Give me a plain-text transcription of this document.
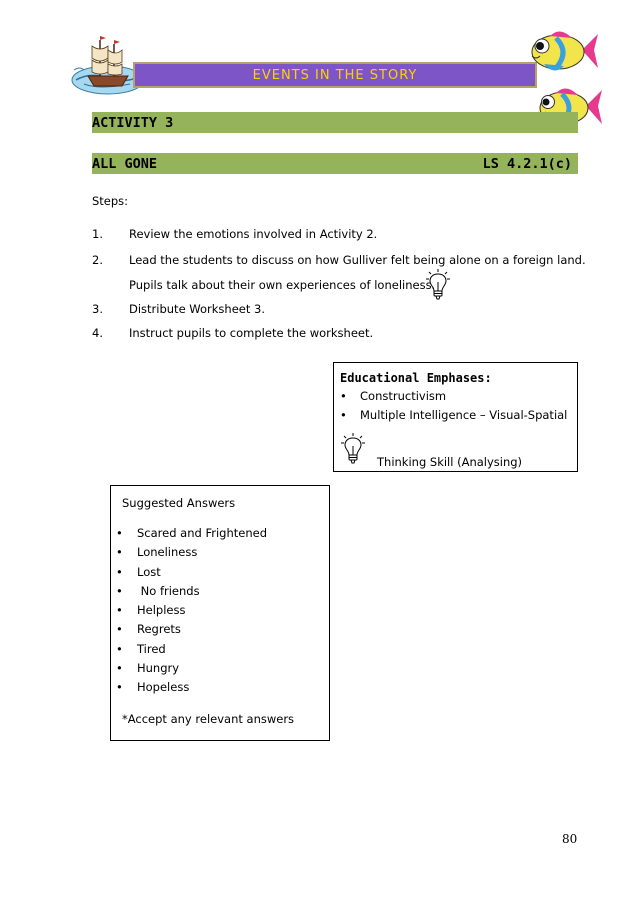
EVENTS IN THE STORY
ACTIVITY 3
ALL GONE	LS 4.2.1(c)
Steps:
1. Review the emotions involved in Activity 2.
2. Lead the students to discuss on how Gulliver felt being alone on a foreign land.
Pupils talk about their own experiences of loneliness.
3. Distribute Worksheet 3.
4. Instruct pupils to complete the worksheet.
Educational Emphases:
• Constructivism
• Multiple Intelligence – Visual-Spatial
Thinking Skill (Analysing)
Suggested Answers
• Scared and Frightened
• Loneliness
• Lost
• No friends
• Helpless
• Regrets
• Tired
• Hungry
• Hopeless
*Accept any relevant answers
80
